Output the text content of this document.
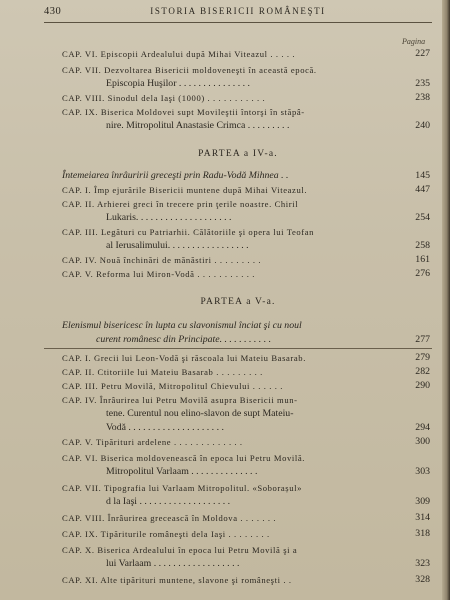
430	ISTORIA BISERICII ROMÂNEŞTI
Pagina
CAP. VI. Episcopii Ardealului după Mihai Viteazul . . . . .	227
CAP. VII. Dezvoltarea Bisericii moldoveneşti în această epocă.
Episcopia Huşilor . . . . . . . . . . . . . . .	235
CAP. VIII. Sinodul dela Iaşi (1000) . . . . . . . . . . .	238
CAP. IX. Biserica Moldovei supt Movileştii întorşi în stăpâ-
nire. Mitropolitul Anastasie Crimca . . . . . . . . .	240
PARTEA a IV-a.
Întemeiarea înrâuririi greceşti prin Radu-Vodă Mihnea . .	145
CAP. I. Împ ejurările Bisericii muntene după Mihai Viteazul.	447
CAP. II. Arhierei greci în trecere prin ţerile noastre. Chiril
Lukaris. . . . . . . . . . . . . . . . . . . .	254
CAP. III. Legături cu Patriarhii. Călătoriile şi opera lui Teofan
al Ierusalimului. . . . . . . . . . . . . . . . .	258
CAP. IV. Nouă închinări de mănăstiri . . . . . . . . .	161
CAP. V. Reforma lui Miron-Vodă . . . . . . . . . . .	276
PARTEA a V-a.
Elenismul bisericesc în lupta cu slavonismul înciat şi cu noul
curent românesc din Principate. . . . . . . . . . .	277
CAP. I. Grecii lui Leon-Vodă şi răscoala lui Mateiu Basarab.	279
CAP. II. Ctitoriile lui Mateiu Basarab . . . . . . . . .	282
CAP. III. Petru Movilă, Mitropolitul Chievului . . . . . .	290
CAP. IV. Înrâurirea lui Petru Movilă asupra Bisericii mun-
tene. Curentul nou elino-slavon de supt Mateiu-
Vodă . . . . . . . . . . . . . . . . . . . .	294
CAP. V. Tipărituri ardelene . . . . . . . . . . . . .	300
CAP. VI. Biserica moldovenească în epoca lui Petru Movilă.
Mitropolitul Varlaam . . . . . . . . . . . . . .	303
CAP. VII. Tipografia lui Varlaam Mitropolitul. «Soborașul»
d la Iaşi . . . . . . . . . . . . . . . . . . .	309
CAP. VIII. Înrâurirea grecească în Moldova . . . . . . .	314
CAP. IX. Tipăriturile româneşti dela Iaşi . . . . . . . .	318
CAP. X. Biserica Ardealului în epoca lui Petru Movilă şi a
lui Varlaam . . . . . . . . . . . . . . . . . .	323
CAP. XI. Alte tipărituri muntene, slavone şi româneşti . .	328
